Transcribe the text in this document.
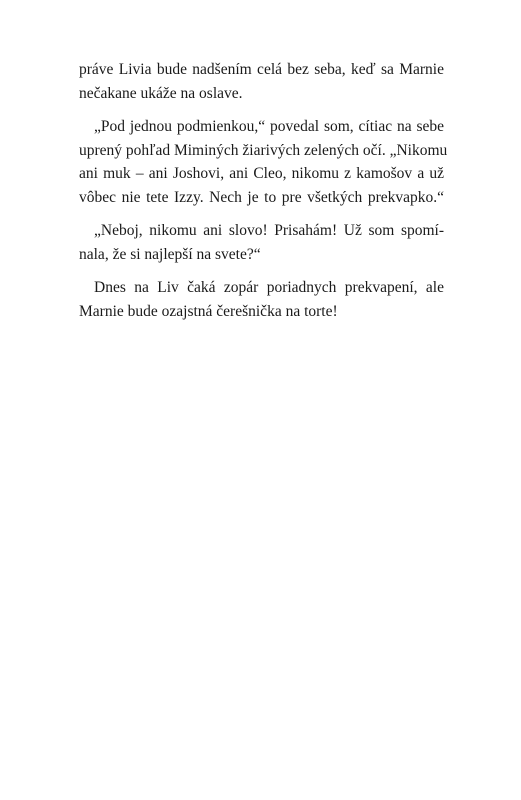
práve Livia bude nadšením celá bez seba, keď sa Marnie
nečakane ukáže na oslave.
„Pod jednou podmienkou,“ povedal som, cítiac na sebe
uprený pohľad Miminých žiarivých zelených očí. „Nikomu
ani muk – ani Joshovi, ani Cleo, nikomu z kamošov a už
vôbec nie tete Izzy. Nech je to pre všetkých prekvapko.“
„Neboj, nikomu ani slovo! Prisahám! Už som spomí-
nala, že si najlepší na svete?“
Dnes na Liv čaká zopár poriadnych prekvapení, ale
Marnie bude ozajstná čerešnička na torte!
